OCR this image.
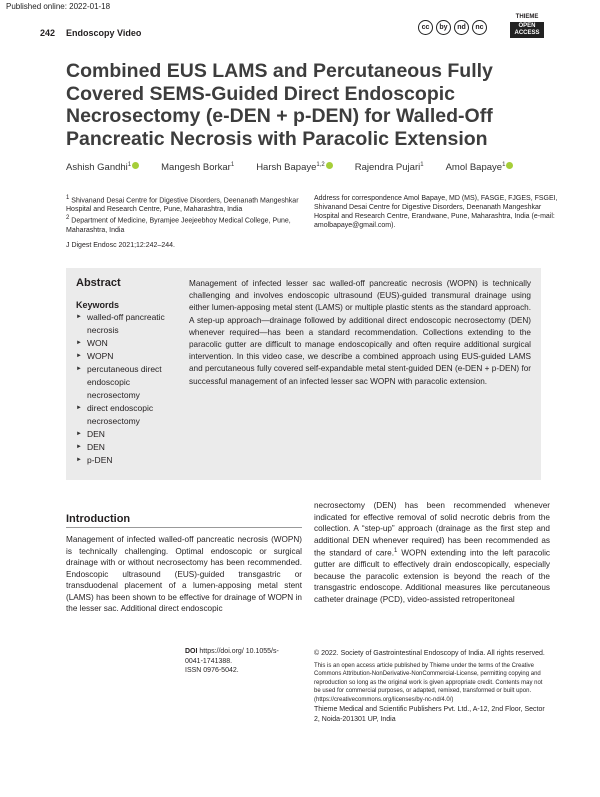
Published online: 2022-01-18
242 Endoscopy Video
cc	by	nd	nc
THIEME
OPEN ACCESS
Combined EUS LAMS and Percutaneous Fully Covered SEMS-Guided Direct Endoscopic Necrosectomy (e-DEN + p-DEN) for Walled-Off Pancreatic Necrosis with Paracolic Extension
Ashish Gandhi$^1$	Mangesh Borkar$^1$ Harsh Bapaye$^{1,2}$	Rajendra Pujari$^1$ Amol Bapaye$^1$
$^1$ Shivanand Desai Centre for Digestive Disorders, Deenanath Mangeshkar Hospital and Research Centre, Pune, Maharashtra, India
$^2$ Department of Medicine, Byramjee Jeejeebhoy Medical College, Pune, Maharashtra, India
Address for correspondence Amol Bapaye, MD (MS), FASGE, FJGES, FSGEI, Shivanand Desai Centre for Digestive Disorders, Deenanath Mangeshkar Hospital and Research Centre, Erandwane, Pune, Maharashtra, India (e-mail: amolbapaye@gmail.com).
J Digest Endosc 2021;12:242–244.
Abstract
Keywords
► walled-off pancreatic necrosis
► WON
► WOPN
► percutaneous direct endoscopic necrosectomy
► direct endoscopic necrosectomy
► DEN
► DEN
► p-DEN
Management of infected lesser sac walled-off pancreatic necrosis (WOPN) is technically challenging and involves endoscopic ultrasound (EUS)-guided transmural drainage using either lumen-apposing metal stent (LAMS) or multiple plastic stents as the standard approach. A step-up approach—drainage followed by additional direct endoscopic necrosectomy (DEN) whenever required—has been a standard recommendation. Collections extending to the paracolic gutter are difficult to manage endoscopically and often require additional surgical intervention. In this video case, we describe a combined approach using EUS-guided LAMS and percutaneous fully covered self-expandable metal stent-guided DEN (e-DEN + p-DEN) for successful management of an infected lesser sac WOPN with paracolic extension.
Introduction
Management of infected walled-off pancreatic necrosis (WOPN) is technically challenging. Optimal endoscopic or surgical drainage with or without necrosectomy has been recommended. Endoscopic ultrasound (EUS)-guided transgastric or transduodenal placement of a lumen-apposing metal stent (LAMS) has been shown to be effective for drainage of WOPN in the lesser sac. Additional direct endoscopic
necrosectomy (DEN) has been recommended whenever indicated for effective removal of solid necrotic debris from the collection. A “step-up” approach (drainage as the first step and additional DEN whenever required) has been recommended as the standard of care.$^1$ WOPN extending into the left paracolic gutter are difficult to effectively drain endoscopically, especially because the paracolic extension is beyond the reach of the transgastric endoscope. Additional measures like percutaneous catheter drainage (PCD), video-assisted retroperitoneal
DOI https://doi.org/ 10.1055/s-0041-1741388.
ISSN 0976-5042.
© 2022. Society of Gastrointestinal Endoscopy of India. All rights reserved.
This is an open access article published by Thieme under the terms of the Creative Commons Attribution-NonDerivative-NonCommercial-License, permitting copying and reproduction so long as the original work is given appropriate credit. Contents may not be used for commercial purposes, or adapted, remixed, transformed or built upon. (https://creativecommons.org/licenses/by-nc-nd/4.0/)
Thieme Medical and Scientific Publishers Pvt. Ltd., A-12, 2nd Floor, Sector 2, Noida-201301 UP, India
